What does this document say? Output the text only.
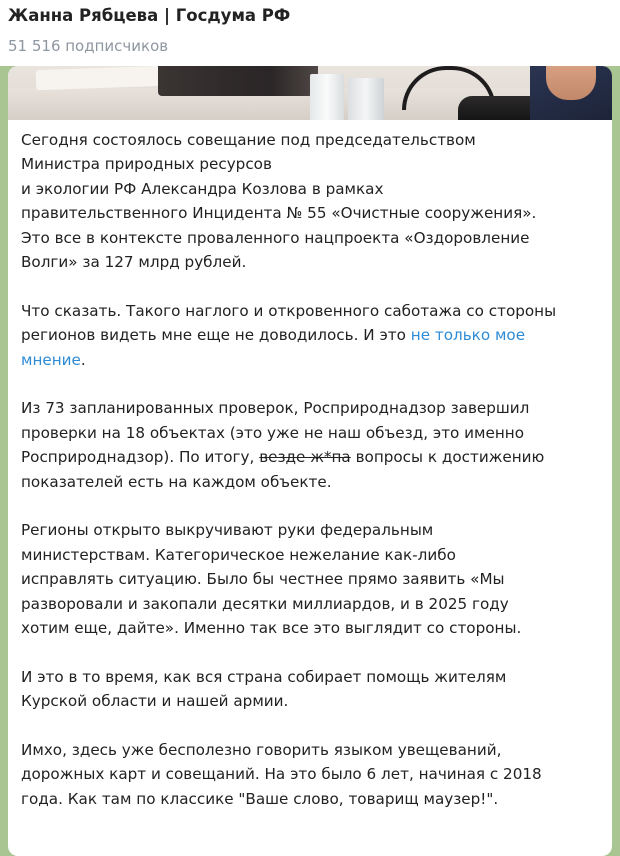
Жанна Рябцева | Госдума РФ
51 516 подписчиков
Сегодня состоялось совещание под председательством
Министра природных ресурсов
и экологии РФ Александра Козлова в рамках
правительственного Инцидента № 55 «Очистные сооружения».
Это все в контексте проваленного нацпроекта «Оздоровление
Волги» за 127 млрд рублей.
Что сказать. Такого наглого и откровенного саботажа со стороны
регионов видеть мне еще не доводилось. И это не только мое
мнение.
Из 73 запланированных проверок, Росприроднадзор завершил
проверки на 18 объектах (это уже не наш объезд, это именно
Росприроднадзор). По итогу, везде ж*па вопросы к достижению
показателей есть на каждом объекте.
Регионы открыто выкручивают руки федеральным
министерствам. Категорическое нежелание как-либо
исправлять ситуацию. Было бы честнее прямо заявить «Мы
разворовали и закопали десятки миллиардов, и в 2025 году
хотим еще, дайте». Именно так все это выглядит со стороны.
И это в то время, как вся страна собирает помощь жителям
Курской области и нашей армии.
Имхо, здесь уже бесполезно говорить языком увещеваний,
дорожных карт и совещаний. На это было 6 лет, начиная с 2018
года. Как там по классике "Ваше слово, товарищ маузер!".
